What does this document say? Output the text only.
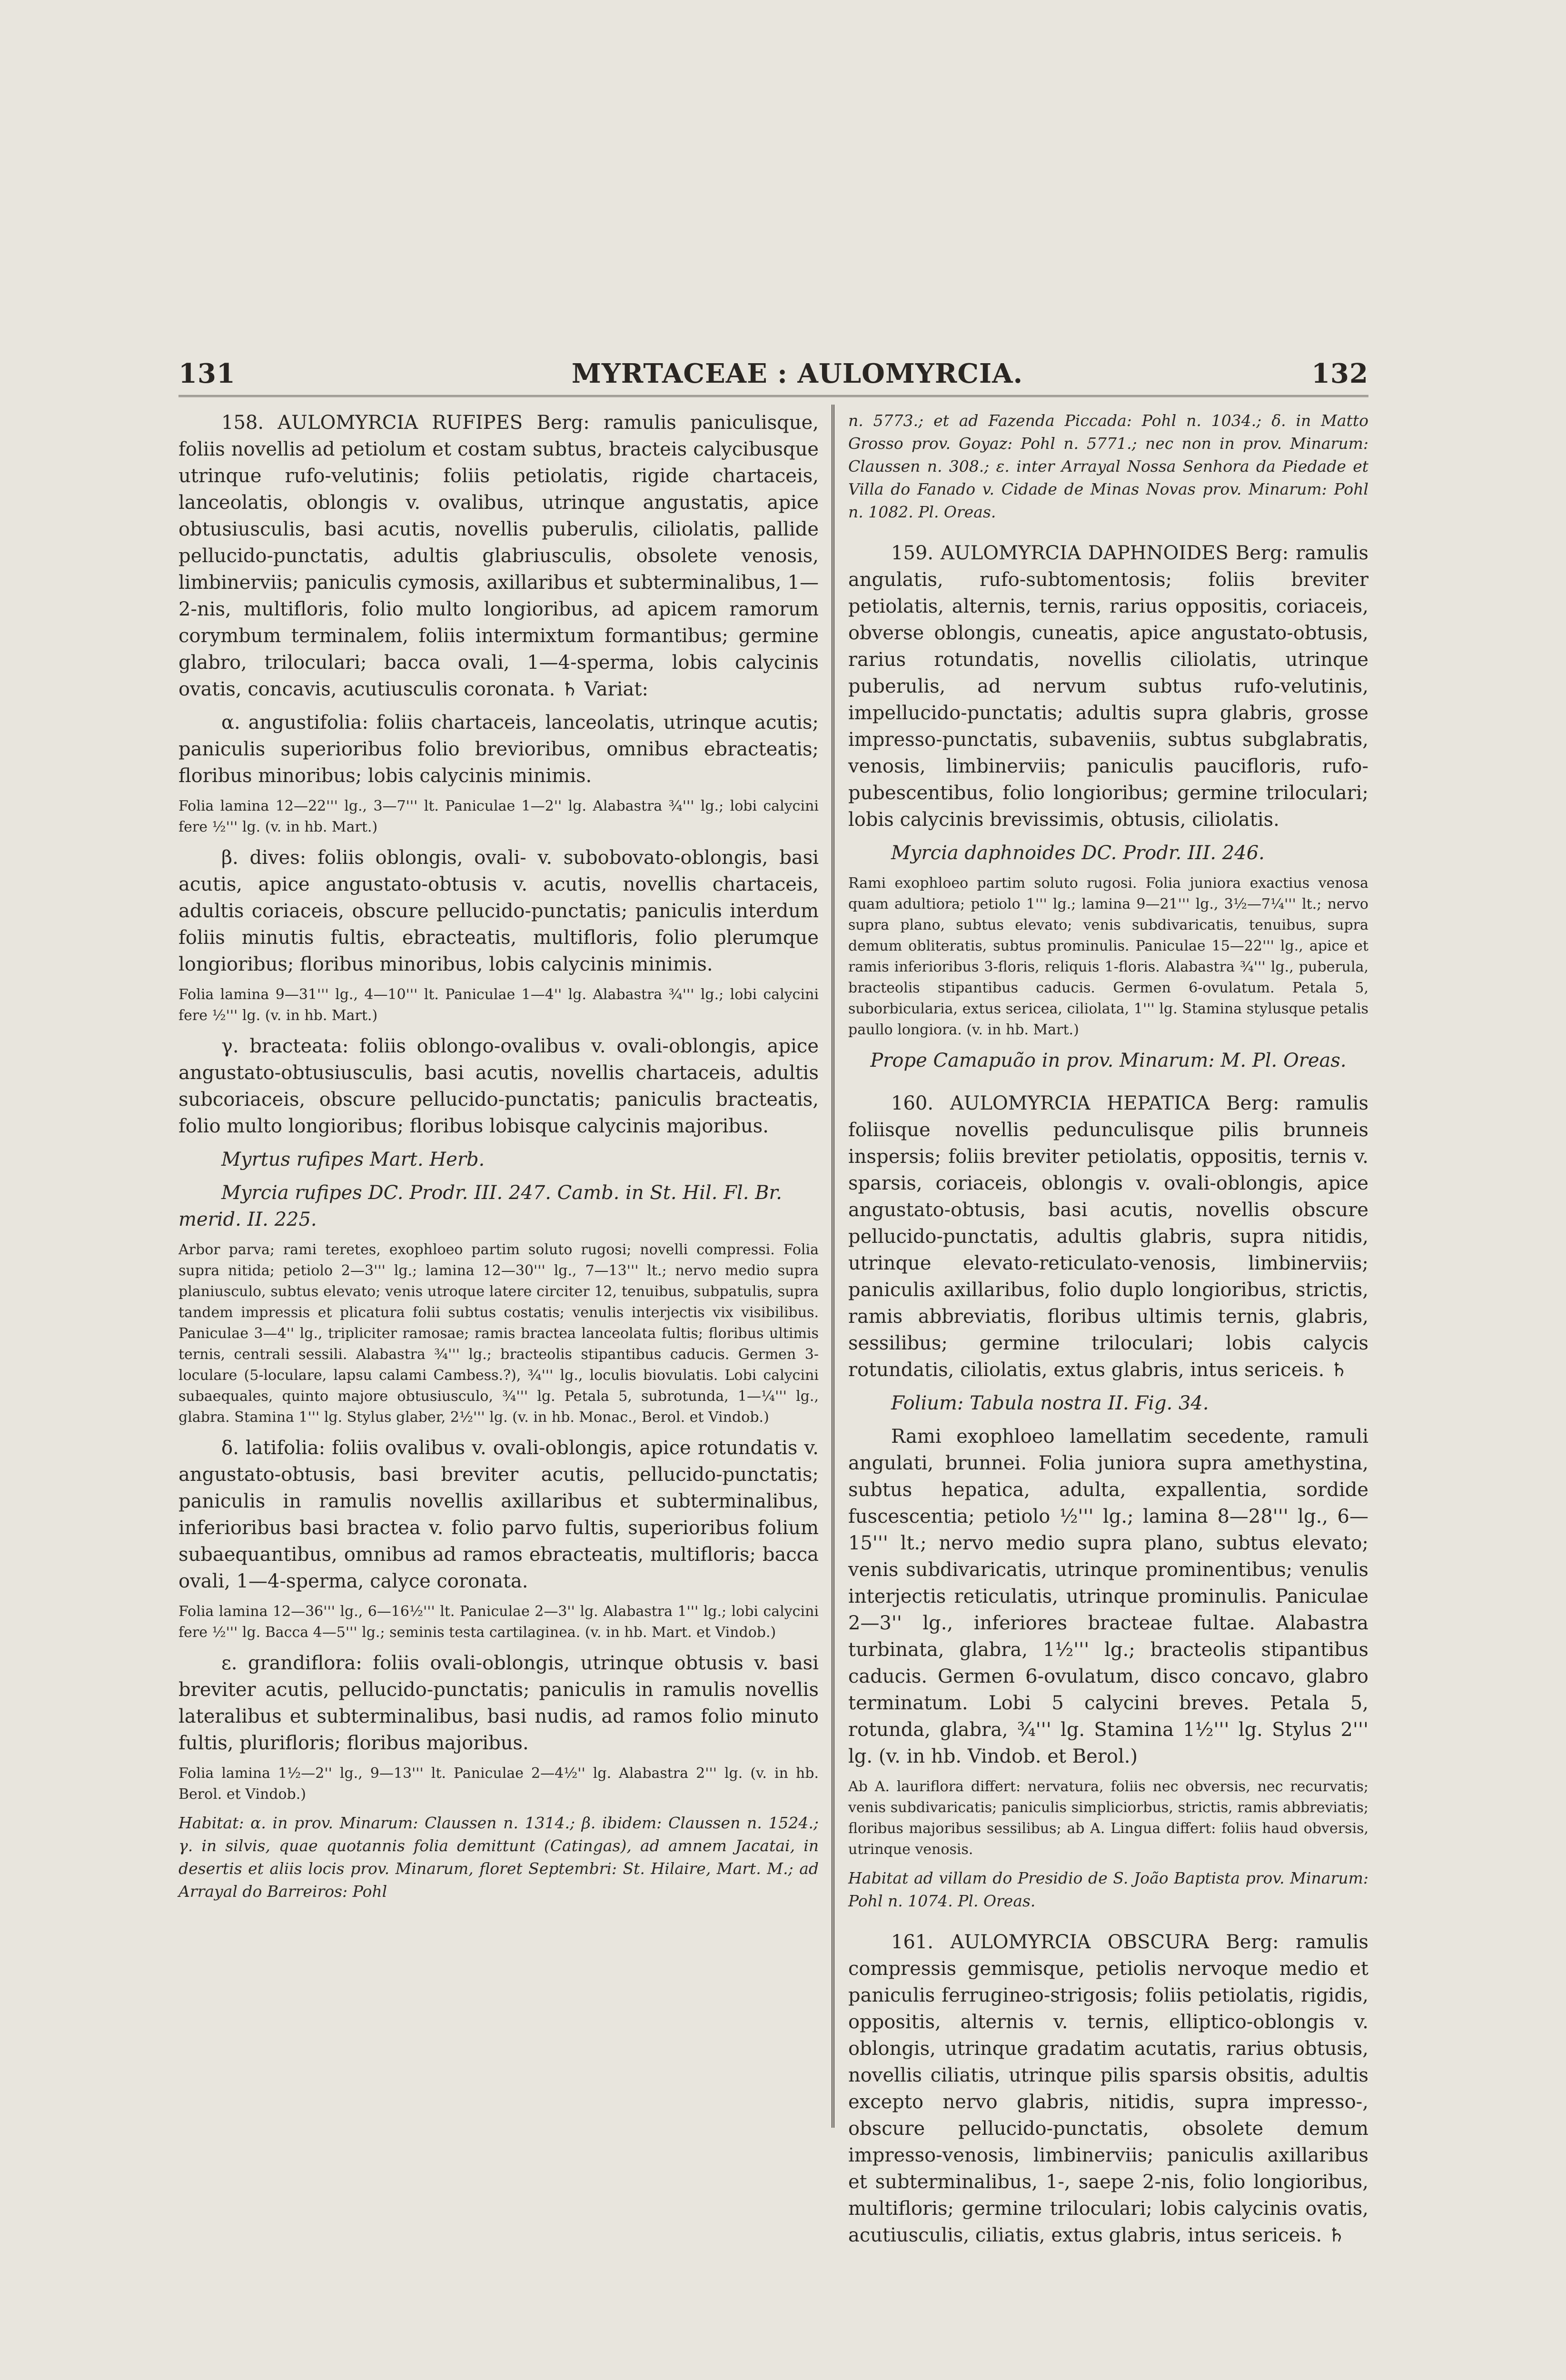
131	MYRTACEAE : AULOMYRCIA.	132

158. AULOMYRCIA RUFIPES Berg: ramulis paniculisque, foliis novellis ad petiolum et costam subtus, bracteis calycibusque utrinque rufo-velutinis; foliis petiolatis, rigide chartaceis, lanceolatis, oblongis v. ovalibus, utrinque angustatis, apice obtusiusculis, basi acutis, novellis puberulis, ciliolatis, pallide pellucido-punctatis, adultis glabriusculis, obsolete venosis, limbinerviis; paniculis cymosis, axillaribus et subterminalibus, 1—2-nis, multifloris, folio multo longioribus, ad apicem ramorum corymbum terminalem, foliis intermixtum formantibus; germine glabro, triloculari; bacca ovali, 1—4-sperma, lobis calycinis ovatis, concavis, acutiusculis coronata. ♄ Variat:

α. angustifolia: foliis chartaceis, lanceolatis, utrinque acutis; paniculis superioribus folio brevioribus, omnibus ebracteatis; floribus minoribus; lobis calycinis minimis.

Folia lamina 12—22''' lg., 3—7''' lt. Paniculae 1—2'' lg. Alabastra ¾''' lg.; lobi calycini fere ½''' lg. (v. in hb. Mart.)

β. dives: foliis oblongis, ovali- v. subobovato-oblongis, basi acutis, apice angustato-obtusis v. acutis, novellis chartaceis, adultis coriaceis, obscure pellucido-punctatis; paniculis interdum foliis minutis fultis, ebracteatis, multifloris, folio plerumque longioribus; floribus minoribus, lobis calycinis minimis.

Folia lamina 9—31''' lg., 4—10''' lt. Paniculae 1—4'' lg. Alabastra ¾''' lg.; lobi calycini fere ½''' lg. (v. in hb. Mart.)

γ. bracteata: foliis oblongo-ovalibus v. ovali-oblongis, apice angustato-obtusiusculis, basi acutis, novellis chartaceis, adultis subcoriaceis, obscure pellucido-punctatis; paniculis bracteatis, folio multo longioribus; floribus lobisque calycinis majoribus.

Myrtus rufipes Mart. Herb.

Myrcia rufipes DC. Prodr. III. 247. Camb. in St. Hil. Fl. Br. merid. II. 225.

Arbor parva; rami teretes, exophloeo partim soluto rugosi; novelli compressi. Folia supra nitida; petiolo 2—3''' lg.; lamina 12—30''' lg., 7—13''' lt.; nervo medio supra planiusculo, subtus elevato; venis utroque latere circiter 12, tenuibus, subpatulis, supra tandem impressis et plicatura folii subtus costatis; venulis interjectis vix visibilibus. Paniculae 3—4'' lg., tripliciter ramosae; ramis bractea lanceolata fultis; floribus ultimis ternis, centrali sessili. Alabastra ¾''' lg.; bracteolis stipantibus caducis. Germen 3-loculare (5-loculare, lapsu calami Cambess.?), ¾''' lg., loculis biovulatis. Lobi calycini subaequales, quinto majore obtusiusculo, ¾''' lg. Petala 5, subrotunda, 1—¼''' lg., glabra. Stamina 1''' lg. Stylus glaber, 2½''' lg. (v. in hb. Monac., Berol. et Vindob.)

δ. latifolia: foliis ovalibus v. ovali-oblongis, apice rotundatis v. angustato-obtusis, basi breviter acutis, pellucido-punctatis; paniculis in ramulis novellis axillaribus et subterminalibus, inferioribus basi bractea v. folio parvo fultis, superioribus folium subaequantibus, omnibus ad ramos ebracteatis, multifloris; bacca ovali, 1—4-sperma, calyce coronata.

Folia lamina 12—36''' lg., 6—16½''' lt. Paniculae 2—3'' lg. Alabastra 1''' lg.; lobi calycini fere ½''' lg. Bacca 4—5''' lg.; seminis testa cartilaginea. (v. in hb. Mart. et Vindob.)

ε. grandiflora: foliis ovali-oblongis, utrinque obtusis v. basi breviter acutis, pellucido-punctatis; paniculis in ramulis novellis lateralibus et subterminalibus, basi nudis, ad ramos folio minuto fultis, plurifloris; floribus majoribus.

Folia lamina 1½—2'' lg., 9—13''' lt. Paniculae 2—4½'' lg. Alabastra 2''' lg. (v. in hb. Berol. et Vindob.)

Habitat: α. in prov. Minarum: Claussen n. 1314.; β. ibidem: Claussen n. 1524.; γ. in silvis, quae quotannis folia demittunt (Catingas), ad amnem Jacatai, in desertis et aliis locis prov. Minarum, floret Septembri: St. Hilaire, Mart. M.; ad Arrayal do Barreiros: Pohl

n. 5773.; et ad Fazenda Piccada: Pohl n. 1034.; δ. in Matto Grosso prov. Goyaz: Pohl n. 5771.; nec non in prov. Minarum: Claussen n. 308.; ε. inter Arrayal Nossa Senhora da Piedade et Villa do Fanado v. Cidade de Minas Novas prov. Minarum: Pohl n. 1082. Pl. Oreas.

159. AULOMYRCIA DAPHNOIDES Berg: ramulis angulatis, rufo-subtomentosis; foliis breviter petiolatis, alternis, ternis, rarius oppositis, coriaceis, obverse oblongis, cuneatis, apice angustato-obtusis, rarius rotundatis, novellis ciliolatis, utrinque puberulis, ad nervum subtus rufo-velutinis, impellucido-punctatis; adultis supra glabris, grosse impresso-punctatis, subaveniis, subtus subglabratis, venosis, limbinerviis; paniculis paucifloris, rufo-pubescentibus, folio longioribus; germine triloculari; lobis calycinis brevissimis, obtusis, ciliolatis.

Myrcia daphnoides DC. Prodr. III. 246.

Rami exophloeo partim soluto rugosi. Folia juniora exactius venosa quam adultiora; petiolo 1''' lg.; lamina 9—21''' lg., 3½—7¼''' lt.; nervo supra plano, subtus elevato; venis subdivaricatis, tenuibus, supra demum obliteratis, subtus prominulis. Paniculae 15—22''' lg., apice et ramis inferioribus 3-floris, reliquis 1-floris. Alabastra ¾''' lg., puberula, bracteolis stipantibus caducis. Germen 6-ovulatum. Petala 5, suborbicularia, extus sericea, ciliolata, 1''' lg. Stamina stylusque petalis paullo longiora. (v. in hb. Mart.)

Prope Camapuão in prov. Minarum: M. Pl. Oreas.

160. AULOMYRCIA HEPATICA Berg: ramulis foliisque novellis pedunculisque pilis brunneis inspersis; foliis breviter petiolatis, oppositis, ternis v. sparsis, coriaceis, oblongis v. ovali-oblongis, apice angustato-obtusis, basi acutis, novellis obscure pellucido-punctatis, adultis glabris, supra nitidis, utrinque elevato-reticulato-venosis, limbinerviis; paniculis axillaribus, folio duplo longioribus, strictis, ramis abbreviatis, floribus ultimis ternis, glabris, sessilibus; germine triloculari; lobis calycis rotundatis, ciliolatis, extus glabris, intus sericeis. ♄

Folium: Tabula nostra II. Fig. 34.

Rami exophloeo lamellatim secedente, ramuli angulati, brunnei. Folia juniora supra amethystina, subtus hepatica, adulta, expallentia, sordide fuscescentia; petiolo ½''' lg.; lamina 8—28''' lg., 6—15''' lt.; nervo medio supra plano, subtus elevato; venis subdivaricatis, utrinque prominentibus; venulis interjectis reticulatis, utrinque prominulis. Paniculae 2—3'' lg., inferiores bracteae fultae. Alabastra turbinata, glabra, 1½''' lg.; bracteolis stipantibus caducis. Germen 6-ovulatum, disco concavo, glabro terminatum. Lobi 5 calycini breves. Petala 5, rotunda, glabra, ¾''' lg. Stamina 1½''' lg. Stylus 2''' lg. (v. in hb. Vindob. et Berol.)

Ab A. lauriflora differt: nervatura, foliis nec obversis, nec recurvatis; venis subdivaricatis; paniculis simpliciorbus, strictis, ramis abbreviatis; floribus majoribus sessilibus; ab A. Lingua differt: foliis haud obversis, utrinque venosis.

Habitat ad villam do Presidio de S. João Baptista prov. Minarum: Pohl n. 1074. Pl. Oreas.

161. AULOMYRCIA OBSCURA Berg: ramulis compressis gemmisque, petiolis nervoque medio et paniculis ferrugineo-strigosis; foliis petiolatis, rigidis, oppositis, alternis v. ternis, elliptico-oblongis v. oblongis, utrinque gradatim acutatis, rarius obtusis, novellis ciliatis, utrinque pilis sparsis obsitis, adultis excepto nervo glabris, nitidis, supra impresso-, obscure pellucido-punctatis, obsolete demum impresso-venosis, limbinerviis; paniculis axillaribus et subterminalibus, 1-, saepe 2-nis, folio longioribus, multifloris; germine triloculari; lobis calycinis ovatis, acutiusculis, ciliatis, extus glabris, intus sericeis. ♄
